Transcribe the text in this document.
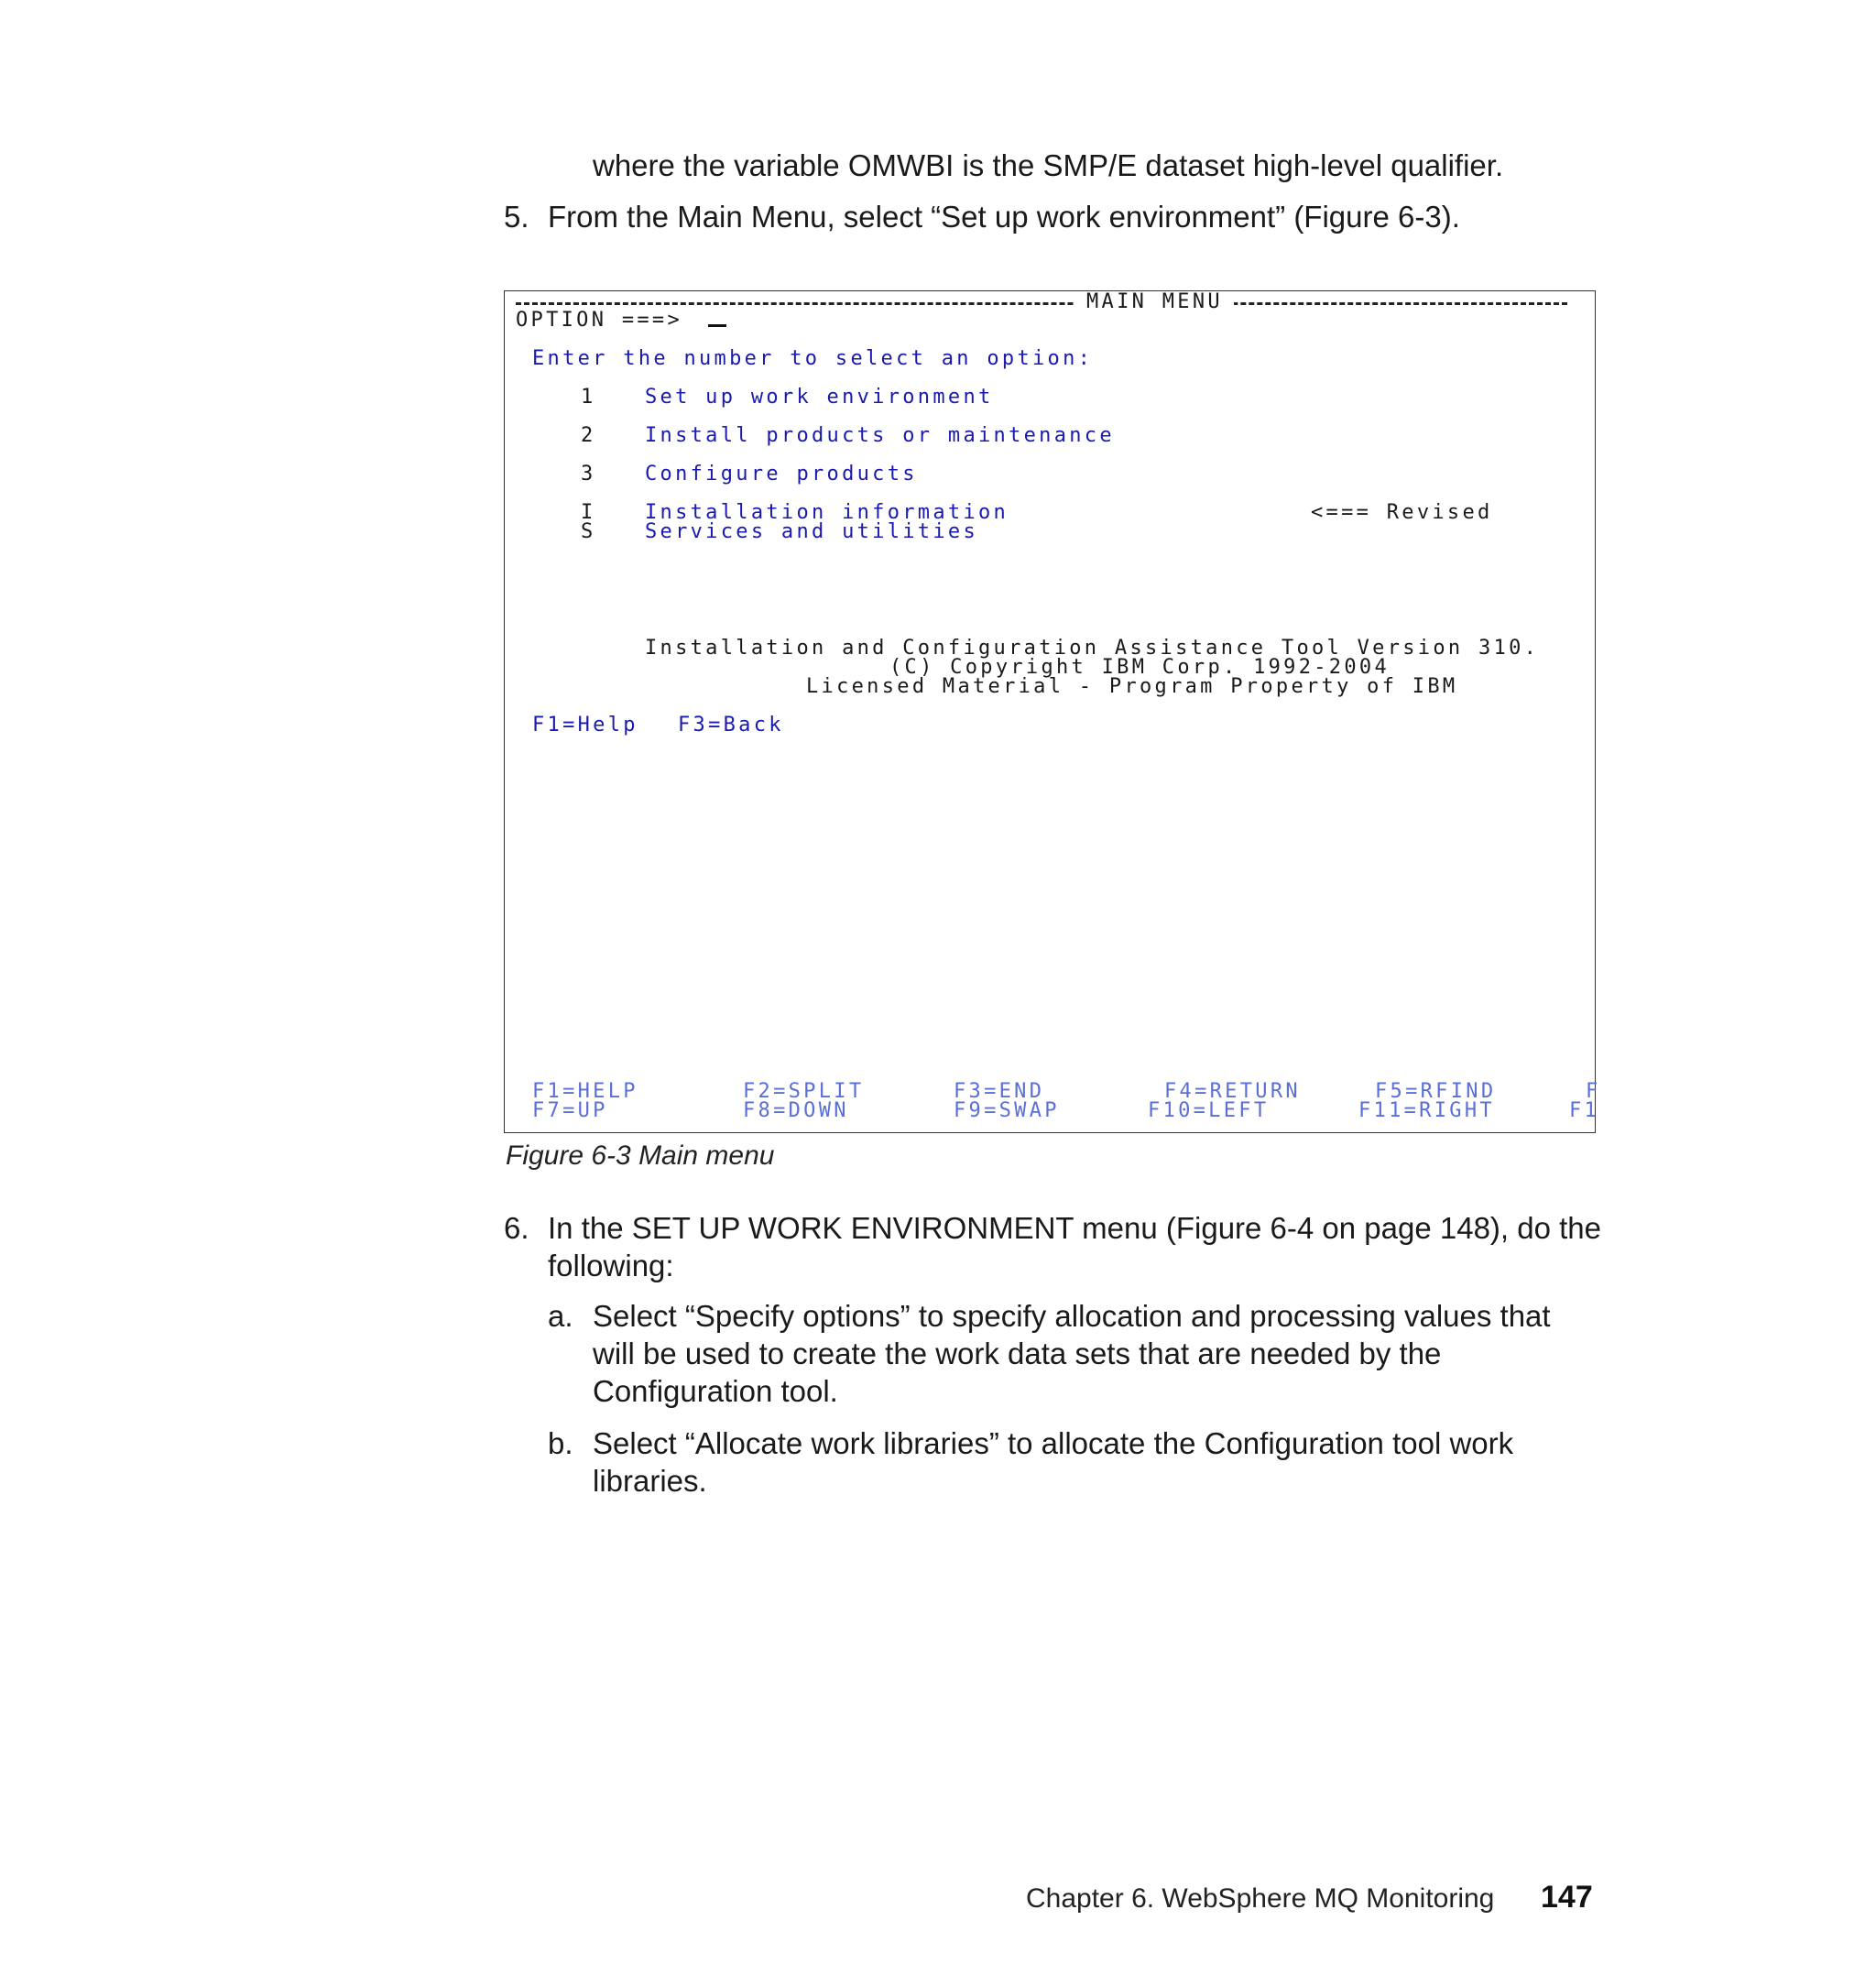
where the variable OMWBI is the SMP/E dataset high-level qualifier.

5. From the Main Menu, select “Set up work environment” (Figure 6-3).

MAIN MENU
OPTION ===>
Enter the number to select an option:
1 Set up work environment
2 Install products or maintenance
3 Configure products
I Installation information	<=== Revised
S Services and utilities
Installation and Configuration Assistance Tool Version 310.
(C) Copyright IBM Corp. 1992-2004
Licensed Material - Program Property of IBM
F1=Help F3=Back
F1=HELP	F2=SPLIT	F3=END	F4=RETURN	F5=RFIND	F
F7=UP	F8=DOWN	F9=SWAP	F10=LEFT	F11=RIGHT	F1
Figure 6-3 Main menu
6. In the SET UP WORK ENVIRONMENT menu (Figure 6-4 on page 148), do the following:

a. Select “Specify options” to specify allocation and processing values that will be used to create the work data sets that are needed by the Configuration tool.

b. Select “Allocate work libraries” to allocate the Configuration tool work libraries.

Chapter 6. WebSphere MQ Monitoring 147
